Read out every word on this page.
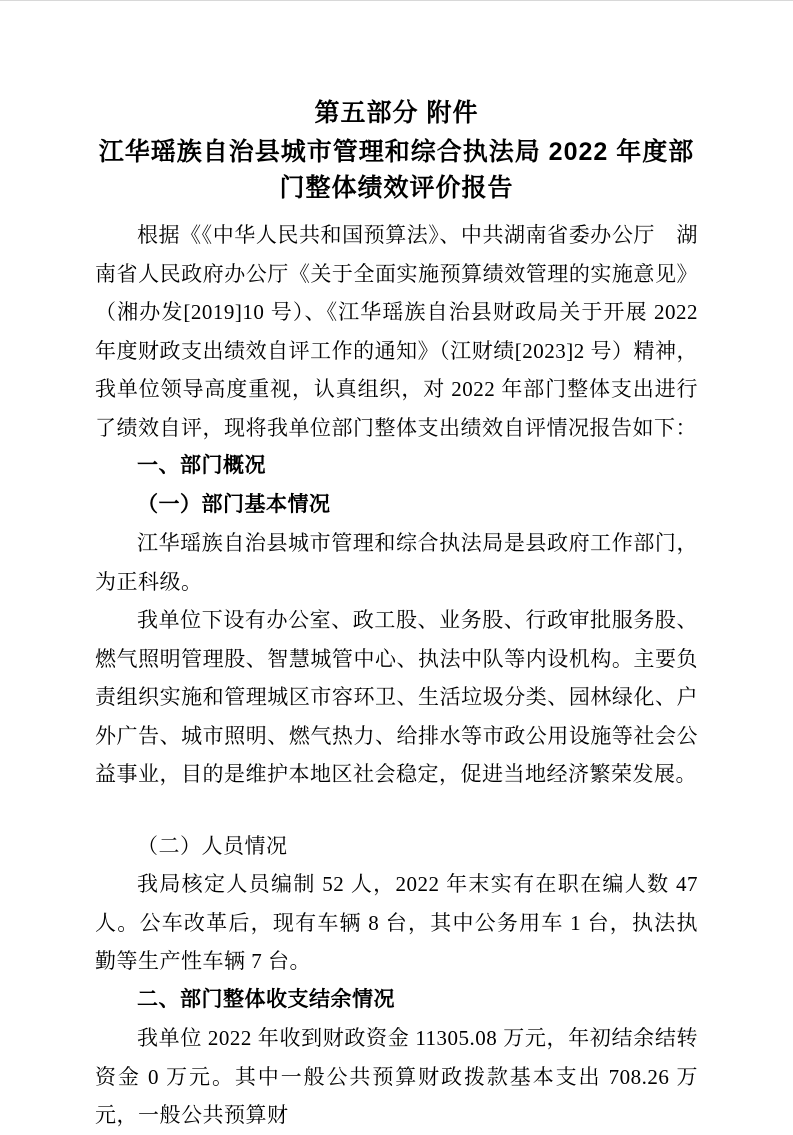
第五部分 附件
江华瑶族自治县城市管理和综合执法局 2022 年度部门整体绩效评价报告

根据《《中华人民共和国预算法》、中共湖南省委办公厅　湖南省人民政府办公厅《关于全面实施预算绩效管理的实施意见》（湘办发[2019]10 号）、《江华瑶族自治县财政局关于开展 2022 年度财政支出绩效自评工作的通知》（江财绩[2023]2 号）精神，我单位领导高度重视，认真组织，对 2022 年部门整体支出进行了绩效自评，现将我单位部门整体支出绩效自评情况报告如下：

一、部门概况
（一）部门基本情况

江华瑶族自治县城市管理和综合执法局是县政府工作部门，为正科级。

我单位下设有办公室、政工股、业务股、行政审批服务股、燃气照明管理股、智慧城管中心、执法中队等内设机构。主要负责组织实施和管理城区市容环卫、生活垃圾分类、园林绿化、户外广告、城市照明、燃气热力、给排水等市政公用设施等社会公益事业，目的是维护本地区社会稳定，促进当地经济繁荣发展。

（二）人员情况

我局核定人员编制 52 人，2022 年末实有在职在编人数 47 人。公车改革后，现有车辆 8 台，其中公务用车 1 台，执法执勤等生产性车辆 7 台。

二、部门整体收支结余情况

我单位 2022 年收到财政资金 11305.08 万元，年初结余结转资金 0 万元。其中一般公共预算财政拨款基本支出 708.26 万元，一般公共预算财
